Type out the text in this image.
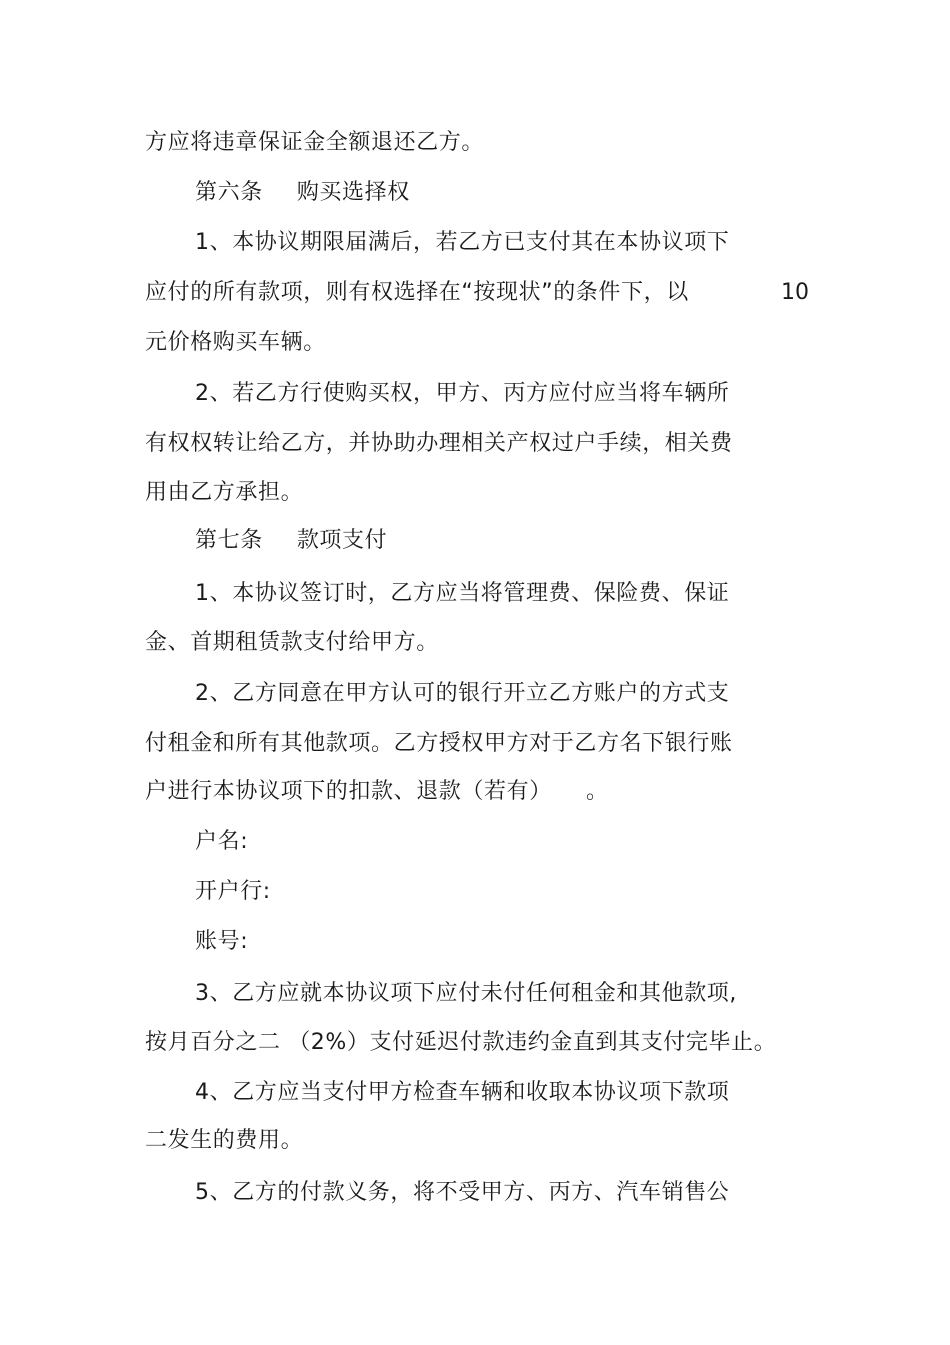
方应将违章保证金全额退还乙方。
第六条 购买选择权
1、本协议期限届满后，若乙方已支付其在本协议项下
应付的所有款项，则有权选择在“按现状”的条件下，以	10
元价格购买车辆。
2、若乙方行使购买权，甲方、丙方应付应当将车辆所
有权权转让给乙方，并协助办理相关产权过户手续，相关费
用由乙方承担。
第七条 款项支付
1、本协议签订时，乙方应当将管理费、保险费、保证
金、首期租赁款支付给甲方。
2、乙方同意在甲方认可的银行开立乙方账户的方式支
付租金和所有其他款项。乙方授权甲方对于乙方名下银行账
户进行本协议项下的扣款、退款（若有） 。
户名:
开户行:
账号:
3、乙方应就本协议项下应付未付任何租金和其他款项,
按月百分之二 （2%）支付延迟付款违约金直到其支付完毕止。
4、乙方应当支付甲方检查车辆和收取本协议项下款项
二发生的费用。
5、乙方的付款义务，将不受甲方、丙方、汽车销售公
